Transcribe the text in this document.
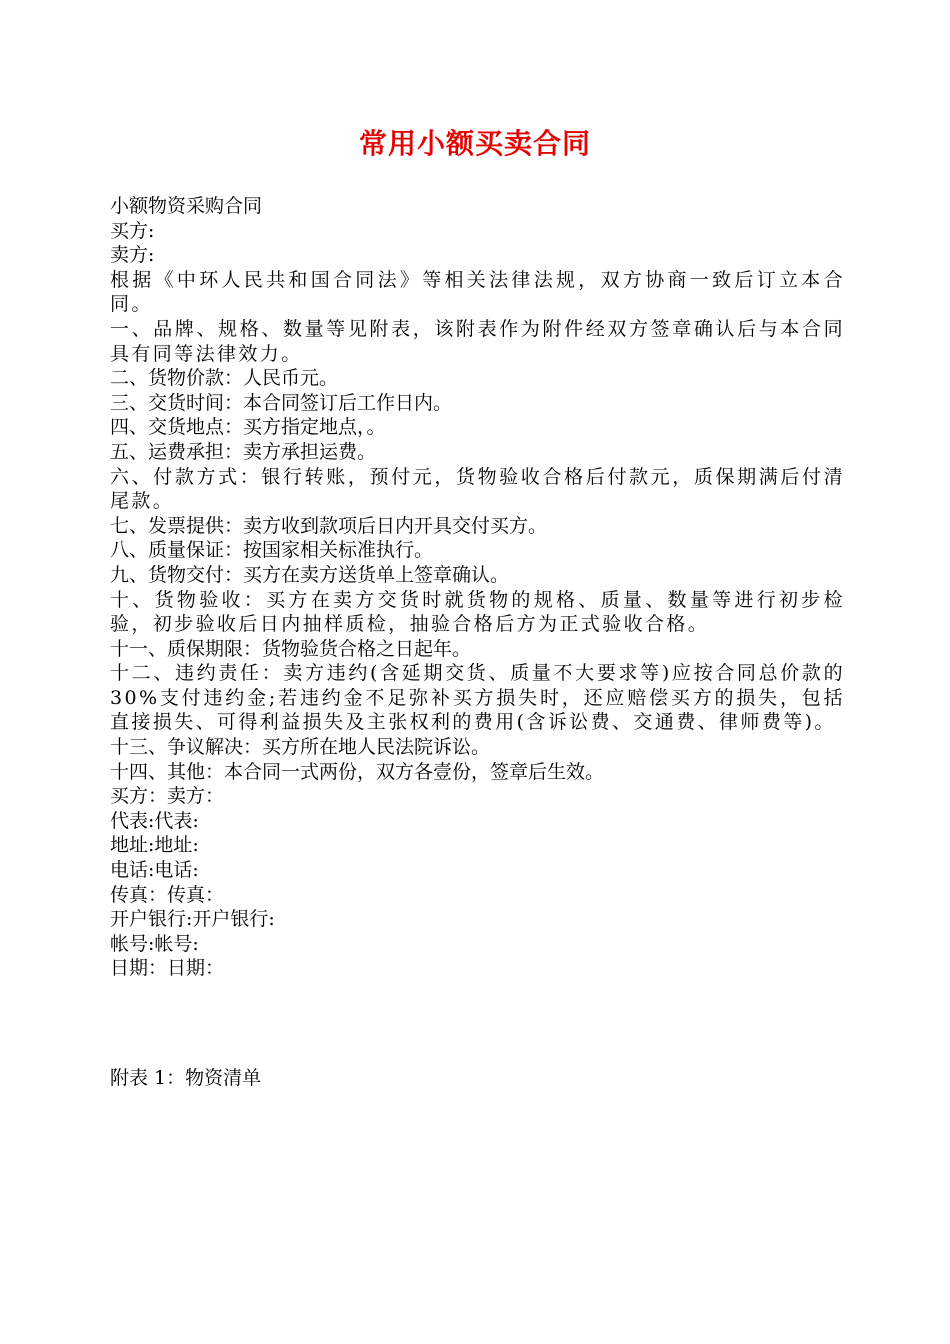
常用小额买卖合同
小额物资采购合同
买方:
卖方:
根据《中环人民共和国合同法》等相关法律法规，双方协商一致后订立本合同。
一、品牌、规格、数量等见附表，该附表作为附件经双方签章确认后与本合同具有同等法律效力。
二、货物价款：人民币元。
三、交货时间：本合同签订后工作日内。
四、交货地点：买方指定地点，。
五、运费承担：卖方承担运费。
六、付款方式：银行转账，预付元，货物验收合格后付款元，质保期满后付清尾款。
七、发票提供：卖方收到款项后日内开具交付买方。
八、质量保证：按国家相关标准执行。
九、货物交付：买方在卖方送货单上签章确认。
十、货物验收：买方在卖方交货时就货物的规格、质量、数量等进行初步检验，初步验收后日内抽样质检，抽验合格后方为正式验收合格。
十一、质保期限：货物验货合格之日起年。
十二、违约责任：卖方违约(含延期交货、质量不大要求等)应按合同总价款的30%支付违约金;若违约金不足弥补买方损失时，还应赔偿买方的损失，包括直接损失、可得利益损失及主张权利的费用(含诉讼费、交通费、律师费等)。
十三、争议解决：买方所在地人民法院诉讼。
十四、其他：本合同一式两份，双方各壹份，签章后生效。
买方：卖方：
代表:代表:
地址:地址:
电话:电话:
传真：传真：
开户银行:开户银行:
帐号:帐号:
日期：日期：
附表 1：物资清单
